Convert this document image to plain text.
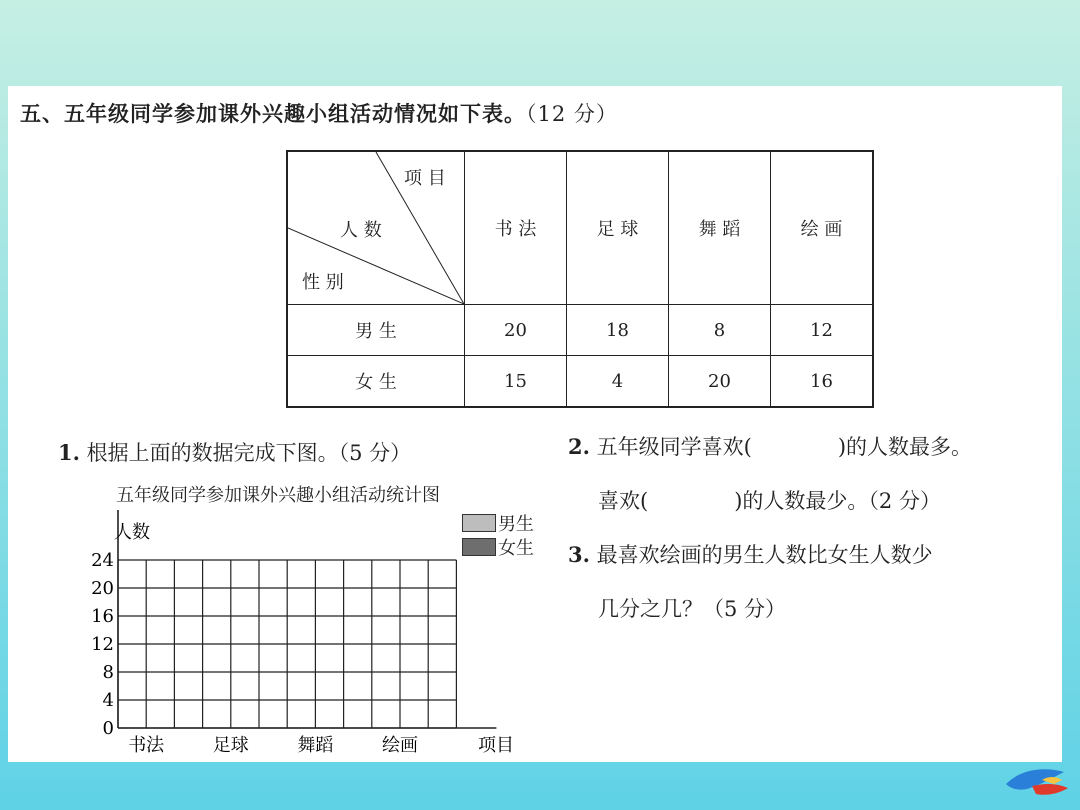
五、五年级同学参加课外兴趣小组活动情况如下表。（12 分）
项 目
人 数
性 别	书 法	足 球	舞 蹈	绘 画
男 生	20	18	8	12
女 生	15	4	20	16
1. 根据上面的数据完成下图。（5 分）
五年级同学参加课外兴趣小组活动统计图
0
4
8
12
16
20
24
书法	足球	舞蹈	绘画
人数
项目
男生
女生
2. 五年级同学喜欢(	)的人数最多。
喜欢(	)的人数最少。（2 分）
3. 最喜欢绘画的男生人数比女生人数少
几分之几？（5 分）
